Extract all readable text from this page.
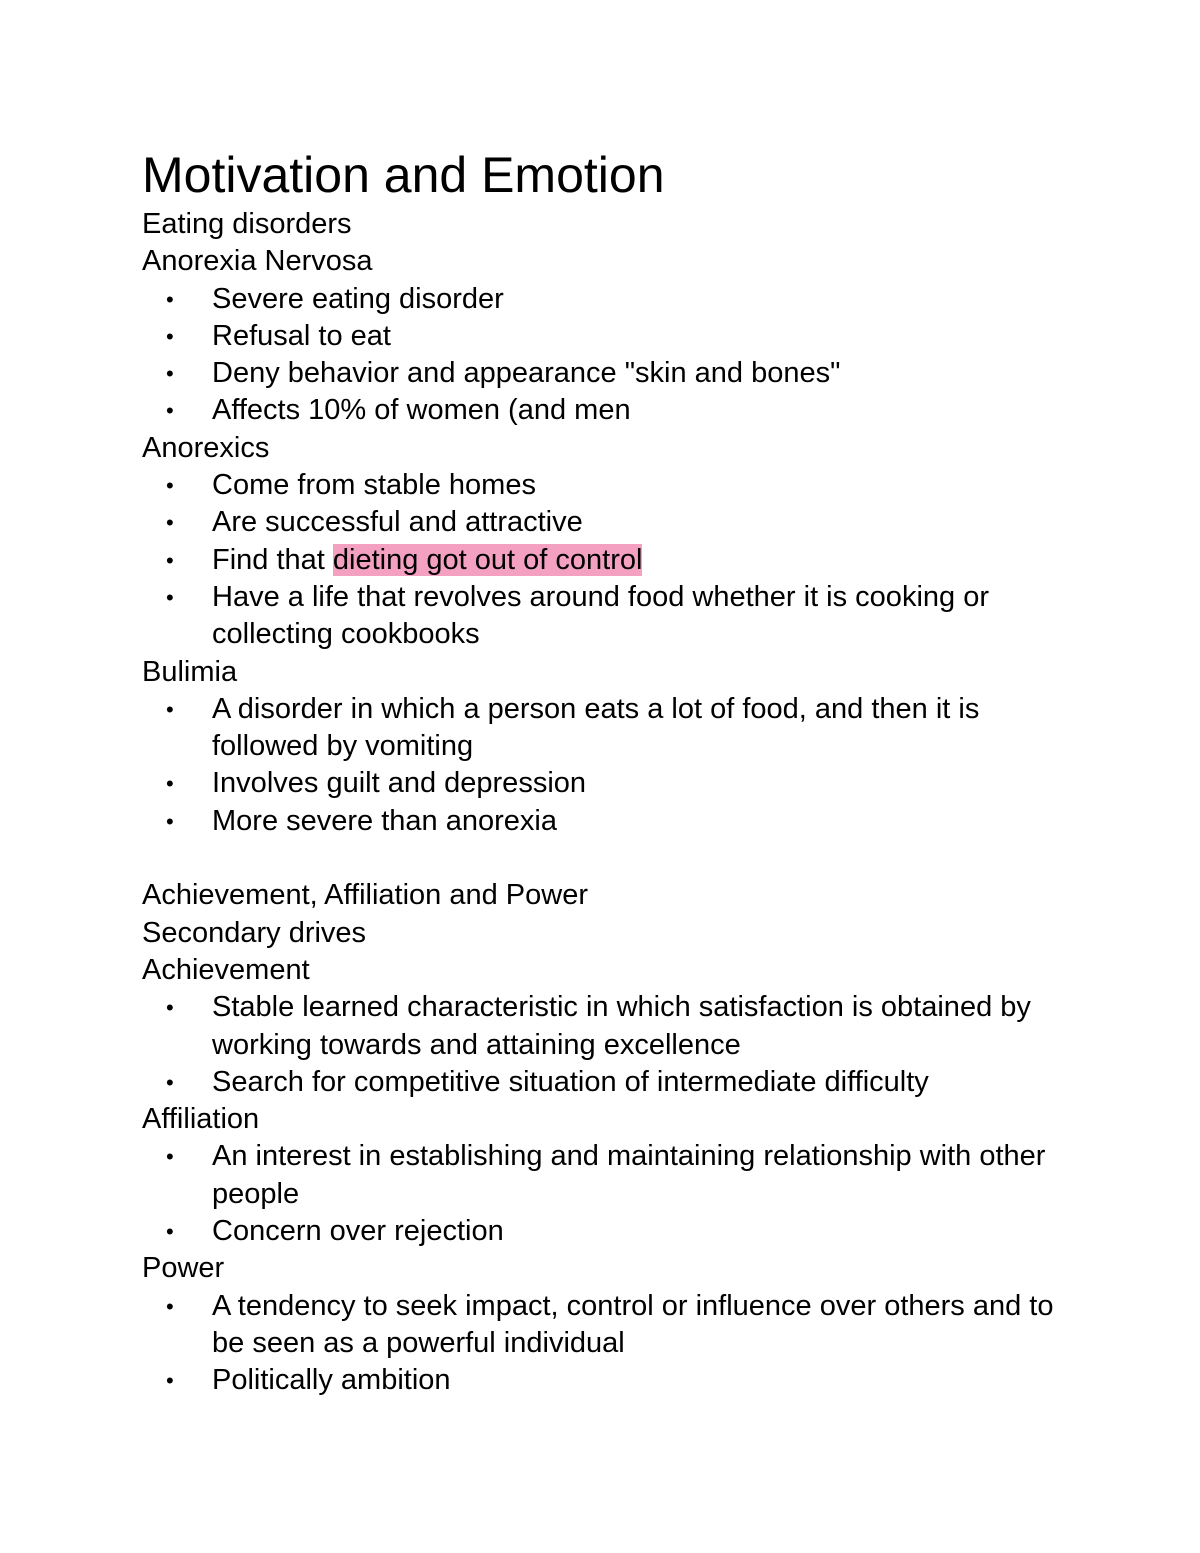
Motivation and Emotion
Eating disorders
Anorexia Nervosa
• Severe eating disorder
• Refusal to eat
• Deny behavior and appearance "skin and bones"
• Affects 10% of women (and men
Anorexics
• Come from stable homes
• Are successful and attractive
• Find that dieting got out of control
• Have a life that revolves around food whether it is cooking or collecting cookbooks
Bulimia
• A disorder in which a person eats a lot of food, and then it is followed by vomiting
• Involves guilt and depression
• More severe than anorexia
Achievement, Affiliation and Power
Secondary drives
Achievement
• Stable learned characteristic in which satisfaction is obtained by working towards and attaining excellence
• Search for competitive situation of intermediate difficulty
Affiliation
• An interest in establishing and maintaining relationship with other people
• Concern over rejection
Power
• A tendency to seek impact, control or influence over others and to be seen as a powerful individual
• Politically ambition
